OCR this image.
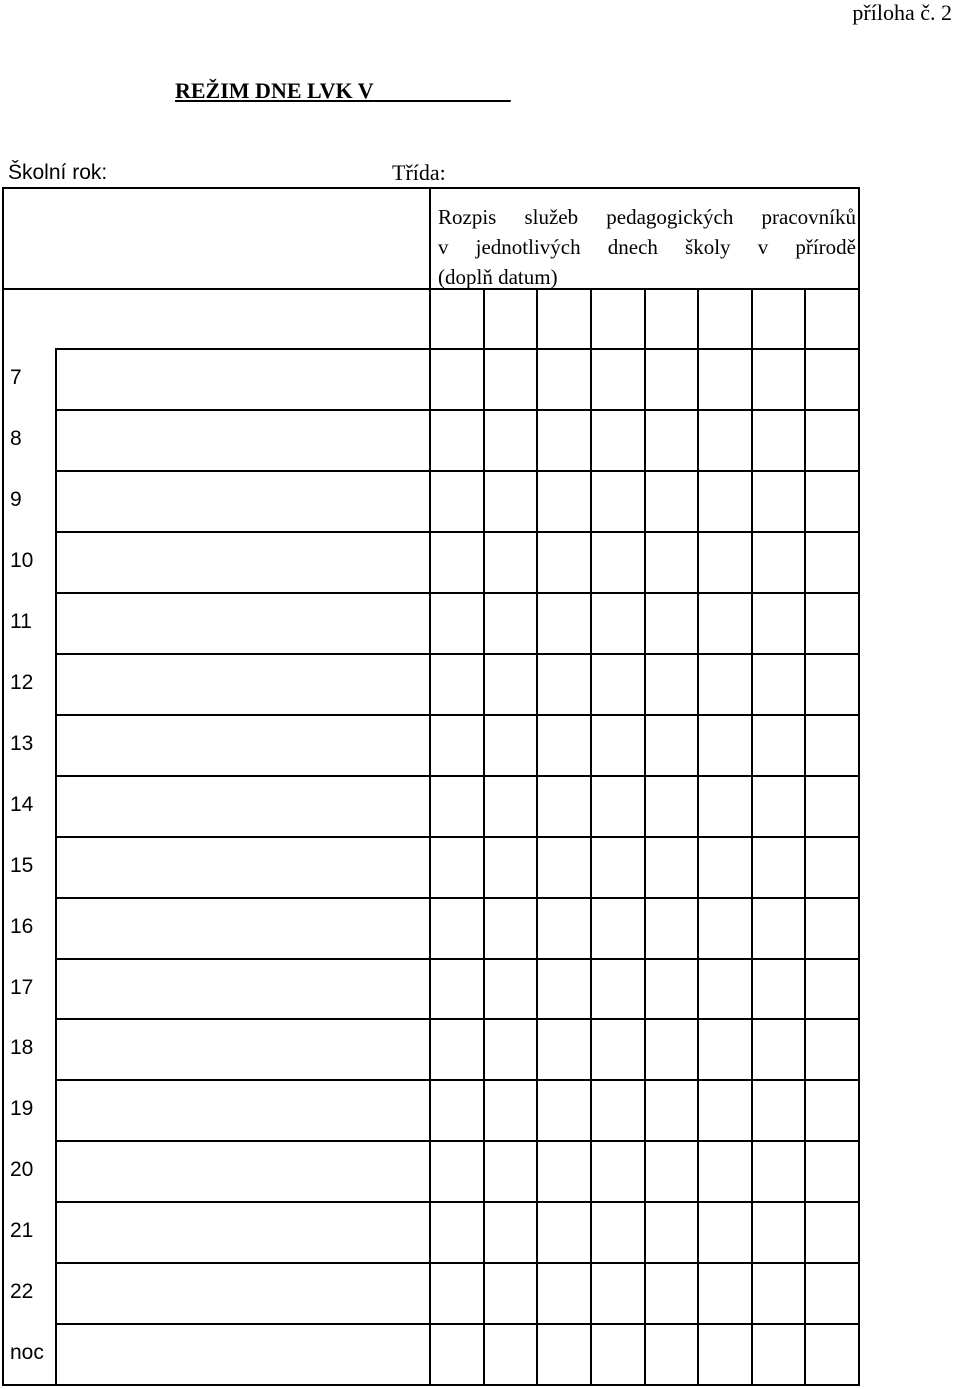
příloha č. 2
REŽIM DNE LVK V
Školní rok:	Třída:
Rozpis služeb pedagogických pracovníků
v jednotlivých dnech školy v přírodě
(doplň datum)
7
8
9
10
11
12
13
14
15
16
17
18
19
20
21
22
noc
